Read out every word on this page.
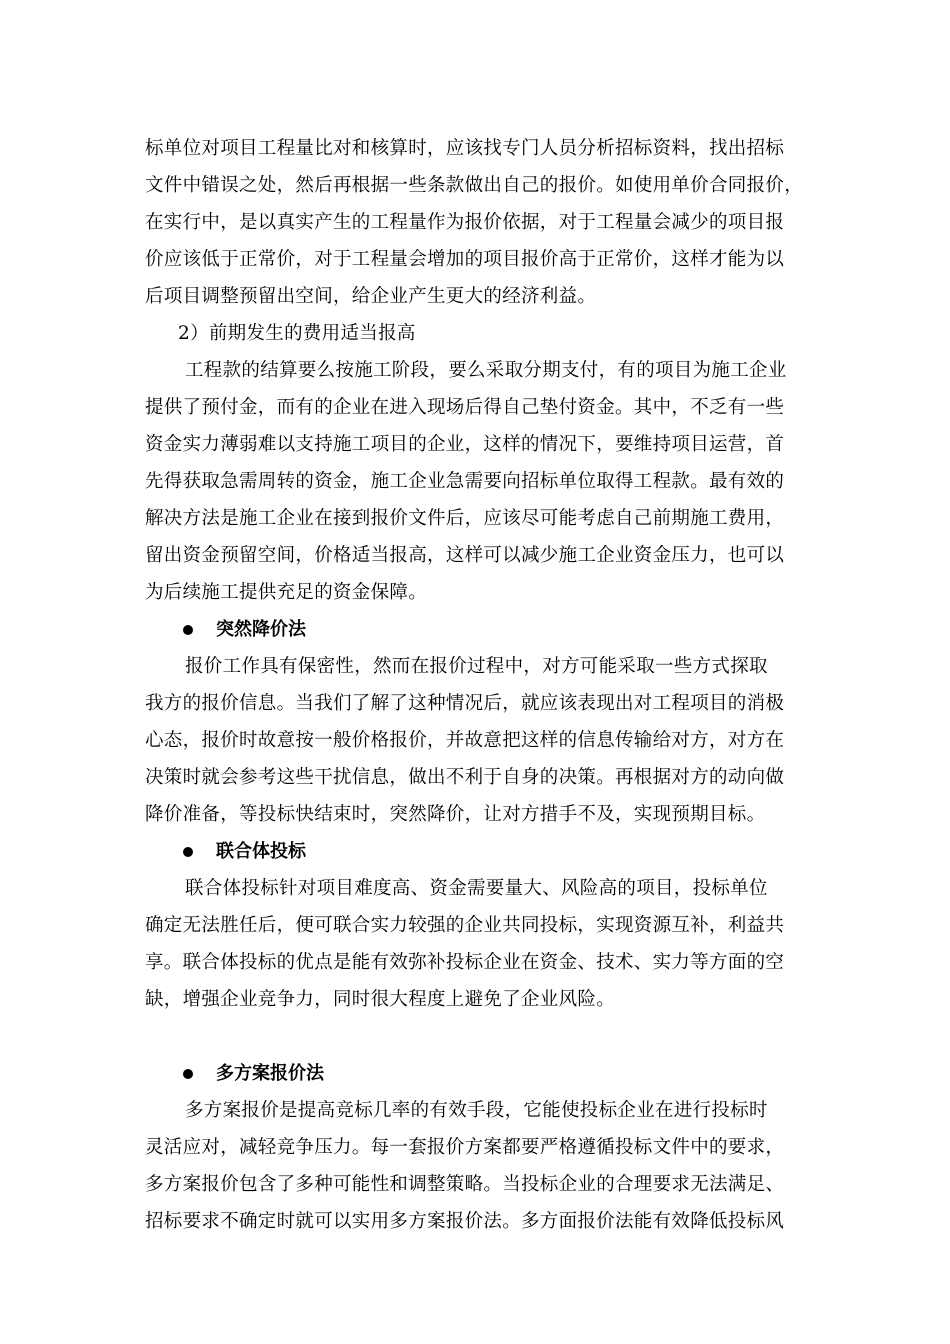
标单位对项目工程量比对和核算时，应该找专门人员分析招标资料，找出招标
文件中错误之处，然后再根据一些条款做出自己的报价。如使用单价合同报价，
在实行中，是以真实产生的工程量作为报价依据，对于工程量会减少的项目报
价应该低于正常价，对于工程量会增加的项目报价高于正常价，这样才能为以
后项目调整预留出空间，给企业产生更大的经济利益。
2）前期发生的费用适当报高
工程款的结算要么按施工阶段，要么采取分期支付，有的项目为施工企业
提供了预付金，而有的企业在进入现场后得自己垫付资金。其中，不乏有一些
资金实力薄弱难以支持施工项目的企业，这样的情况下，要维持项目运营，首
先得获取急需周转的资金，施工企业急需要向招标单位取得工程款。最有效的
解决方法是施工企业在接到报价文件后，应该尽可能考虑自己前期施工费用，
留出资金预留空间，价格适当报高，这样可以减少施工企业资金压力，也可以
为后续施工提供充足的资金保障。
突然降价法
报价工作具有保密性，然而在报价过程中，对方可能采取一些方式探取
我方的报价信息。当我们了解了这种情况后，就应该表现出对工程项目的消极
心态，报价时故意按一般价格报价，并故意把这样的信息传输给对方，对方在
决策时就会参考这些干扰信息，做出不利于自身的决策。再根据对方的动向做
降价准备，等投标快结束时，突然降价，让对方措手不及，实现预期目标。
联合体投标
联合体投标针对项目难度高、资金需要量大、风险高的项目，投标单位
确定无法胜任后，便可联合实力较强的企业共同投标，实现资源互补，利益共
享。联合体投标的优点是能有效弥补投标企业在资金、技术、实力等方面的空
缺，增强企业竞争力，同时很大程度上避免了企业风险。
多方案报价法
多方案报价是提高竞标几率的有效手段，它能使投标企业在进行投标时
灵活应对，减轻竞争压力。每一套报价方案都要严格遵循投标文件中的要求，
多方案报价包含了多种可能性和调整策略。当投标企业的合理要求无法满足、
招标要求不确定时就可以实用多方案报价法。多方面报价法能有效降低投标风
